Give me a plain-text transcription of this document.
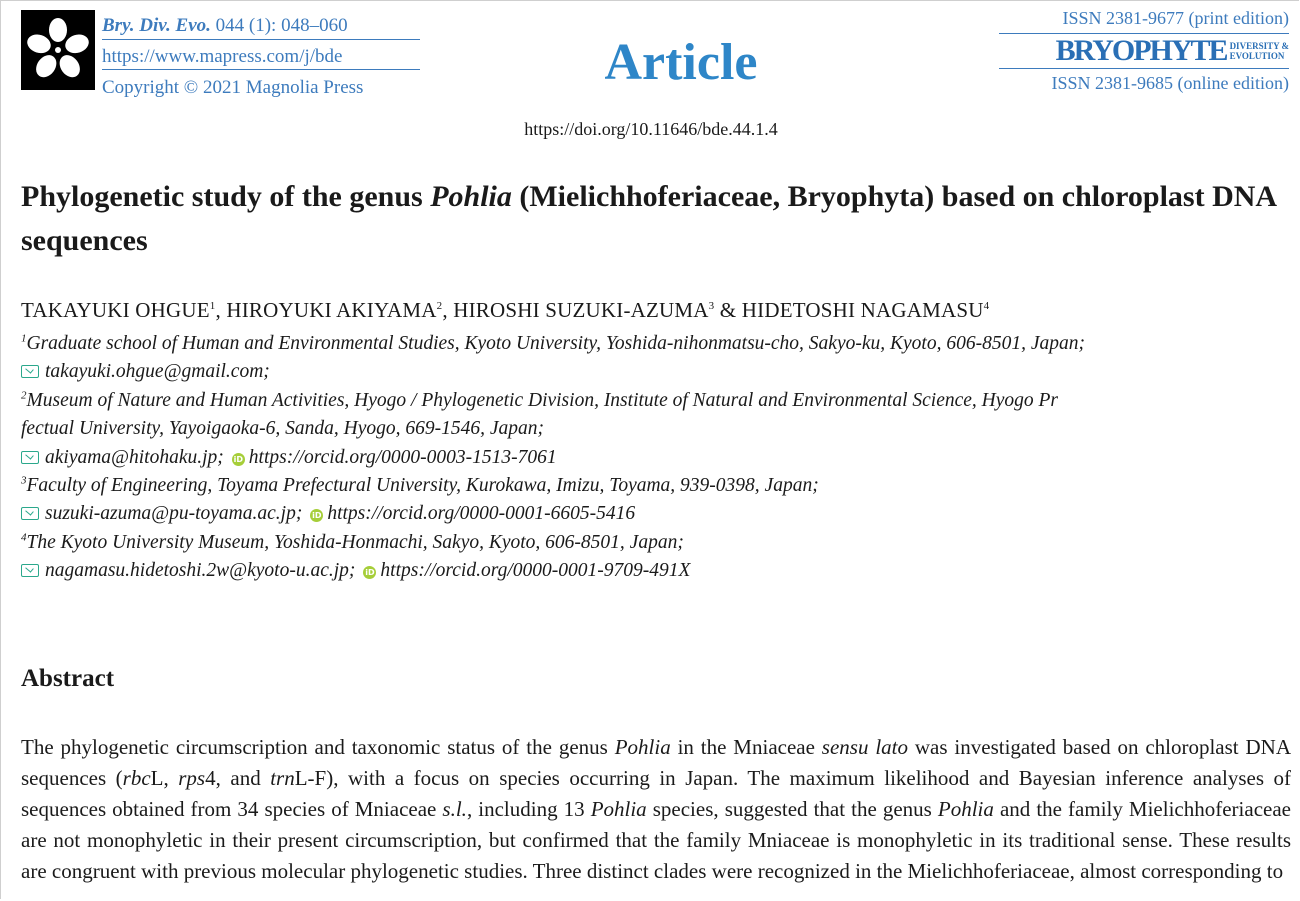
Bry. Div. Evo. 044 (1): 048–060
https://www.mapress.com/j/bde
Copyright © 2021 Magnolia Press	Article
ISSN 2381-9677 (print edition)
BRYOPHYTE DIVERSITY &
EVOLUTION
ISSN 2381-9685 (online edition)
https://doi.org/10.11646/bde.44.1.4
Phylogenetic study of the genus Pohlia (Mielichhoferiaceae, Bryophyta) based on chloroplast DNA sequences
TAKAYUKI OHGUE$^1$, HIROYUKI AKIYAMA$^2$, HIROSHI SUZUKI-AZUMA$^3$ & HIDETOSHI NAGAMASU$^4$
$^1$Graduate school of Human and Environmental Studies, Kyoto University, Yoshida-nihonmatsu-cho, Sakyo-ku, Kyoto, 606-8501, Japan;
takayuki.ohgue@gmail.com;
$^2$Museum of Nature and Human Activities, Hyogo / Phylogenetic Division, Institute of Natural and Environmental Science, Hyogo Pr
fectual University, Yayoigaoka-6, Sanda, Hyogo, 669-1546, Japan;
akiyama@hitohaku.jp; iD https://orcid.org/0000-0003-1513-7061
$^3$Faculty of Engineering, Toyama Prefectural University, Kurokawa, Imizu, Toyama, 939-0398, Japan;
suzuki-azuma@pu-toyama.ac.jp; iD https://orcid.org/0000-0001-6605-5416
$^4$The Kyoto University Museum, Yoshida-Honmachi, Sakyo, Kyoto, 606-8501, Japan;
nagamasu.hidetoshi.2w@kyoto-u.ac.jp; iD https://orcid.org/0000-0001-9709-491X
Abstract
The phylogenetic circumscription and taxonomic status of the genus Pohlia in the Mniaceae sensu lato was investigated based on chloroplast DNA sequences (rbcL, rps4, and trnL-F), with a focus on species occurring in Japan. The maximum likelihood and Bayesian inference analyses of sequences obtained from 34 species of Mniaceae s.l., including 13 Pohlia species, suggested that the genus Pohlia and the family Mielichhoferiaceae are not monophyletic in their present circumscription, but confirmed that the family Mniaceae is monophyletic in its traditional sense. These results are congruent with previous molecular phylogenetic studies. Three distinct clades were recognized in the Mielichhoferiaceae, almost corresponding to
